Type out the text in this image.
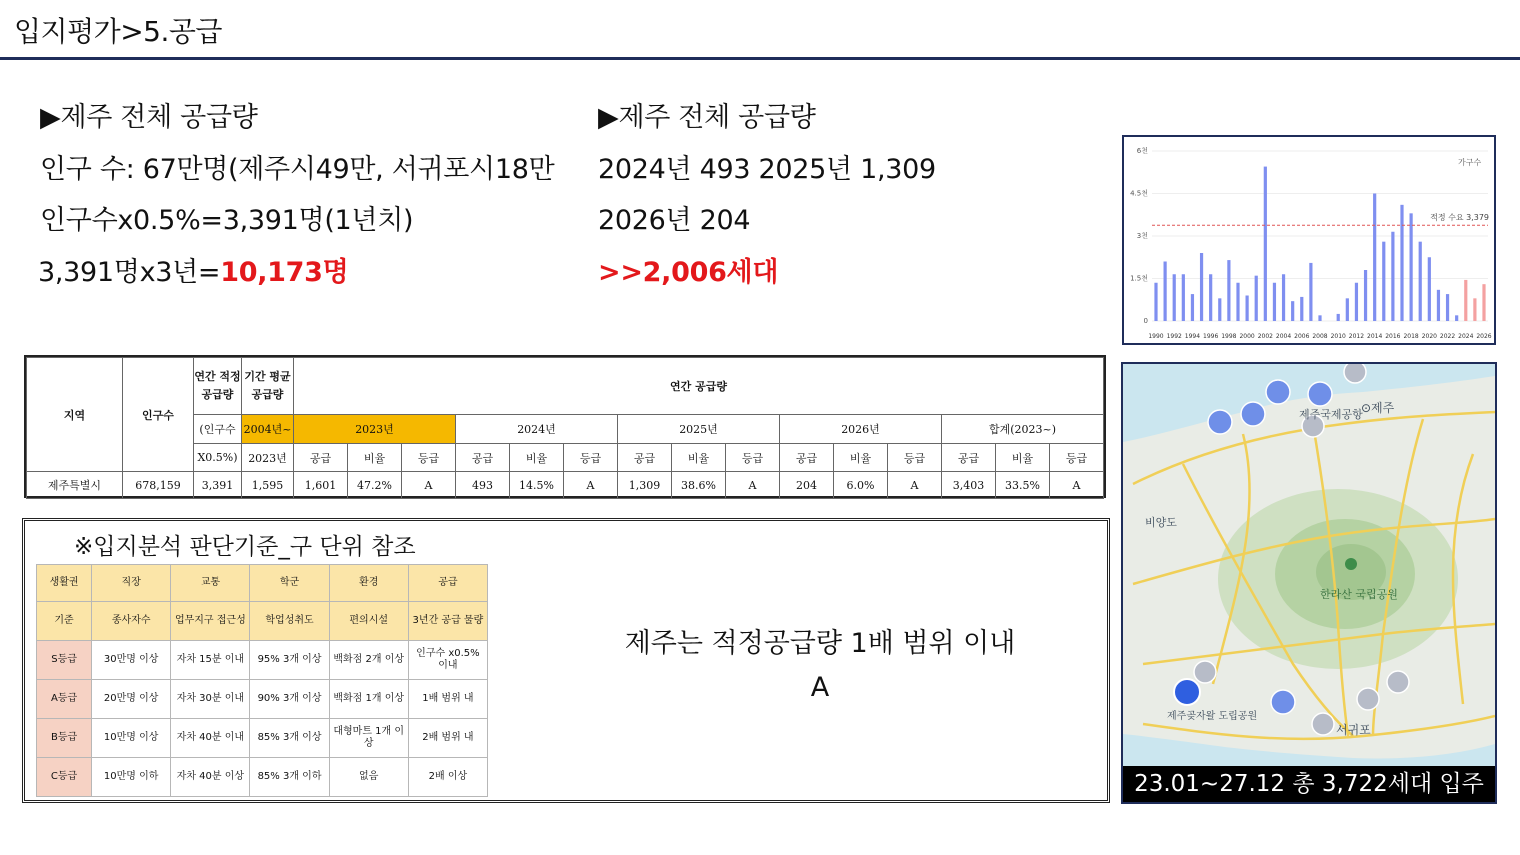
입지평가>5.공급
▶제주 전체 공급량
인구 수: 67만명(제주시49만, 서귀포시18만
인구수x0.5%=3,391명(1년치)
3,391명x3년=10,173명
▶제주 전체 공급량
2024년 493 2025년 1,309
2026년 204
>>2,006세대
6천
4.5천
3천
1.5천
0
1990 1992 1994 1996 1998 2000 2002 2004 2006 2008 2010 2012 2014 2016 2018 2020 2022 2024 2026
가구수
적정 수요 3,379
지역	인구수	연간 적정 공급량	기간 평균 공급량	연간 공급량														
		(인구수	2004년~	2023년			2024년			2025년			2026년			합계(2023~)		
		X0.5%)	2023년	공급	비율	등급	공급	비율	등급	공급	비율	등급	공급	비율	등급	공급	비율	등급
제주특별시	678,159	3,391	1,595	1,601	47.2%	A	493	14.5%	A	1,309	38.6%	A	204	6.0%	A	3,403	33.5%	A
※입지분석 판단기준_구 단위 참조
생활권	직장	교통	학군	환경	공급
기준	종사자수	업무지구 접근성	학업성취도	편의시설	3년간 공급 물량
S등급	30만명 이상	자차 15분 이내	95% 3개 이상	백화점 2개 이상	인구수 x0.5% 이내
A등급	20만명 이상	자차 30분 이내	90% 3개 이상	백화점 1개 이상	1배 범위 내
B등급	10만명 이상	자차 40분 이내	85% 3개 이상	대형마트 1개 이상	2배 범위 내
C등급	10만명 이하	자차 40분 이상	85% 3개 이하	없음	2배 이상
제주는 적정공급량 1배 범위 이내
A
제주국제공항
⊙제주
비양도
한라산 국립공원
서귀포
제주곶자왈 도립공원
23.01~27.12 총 3,722세대 입주
